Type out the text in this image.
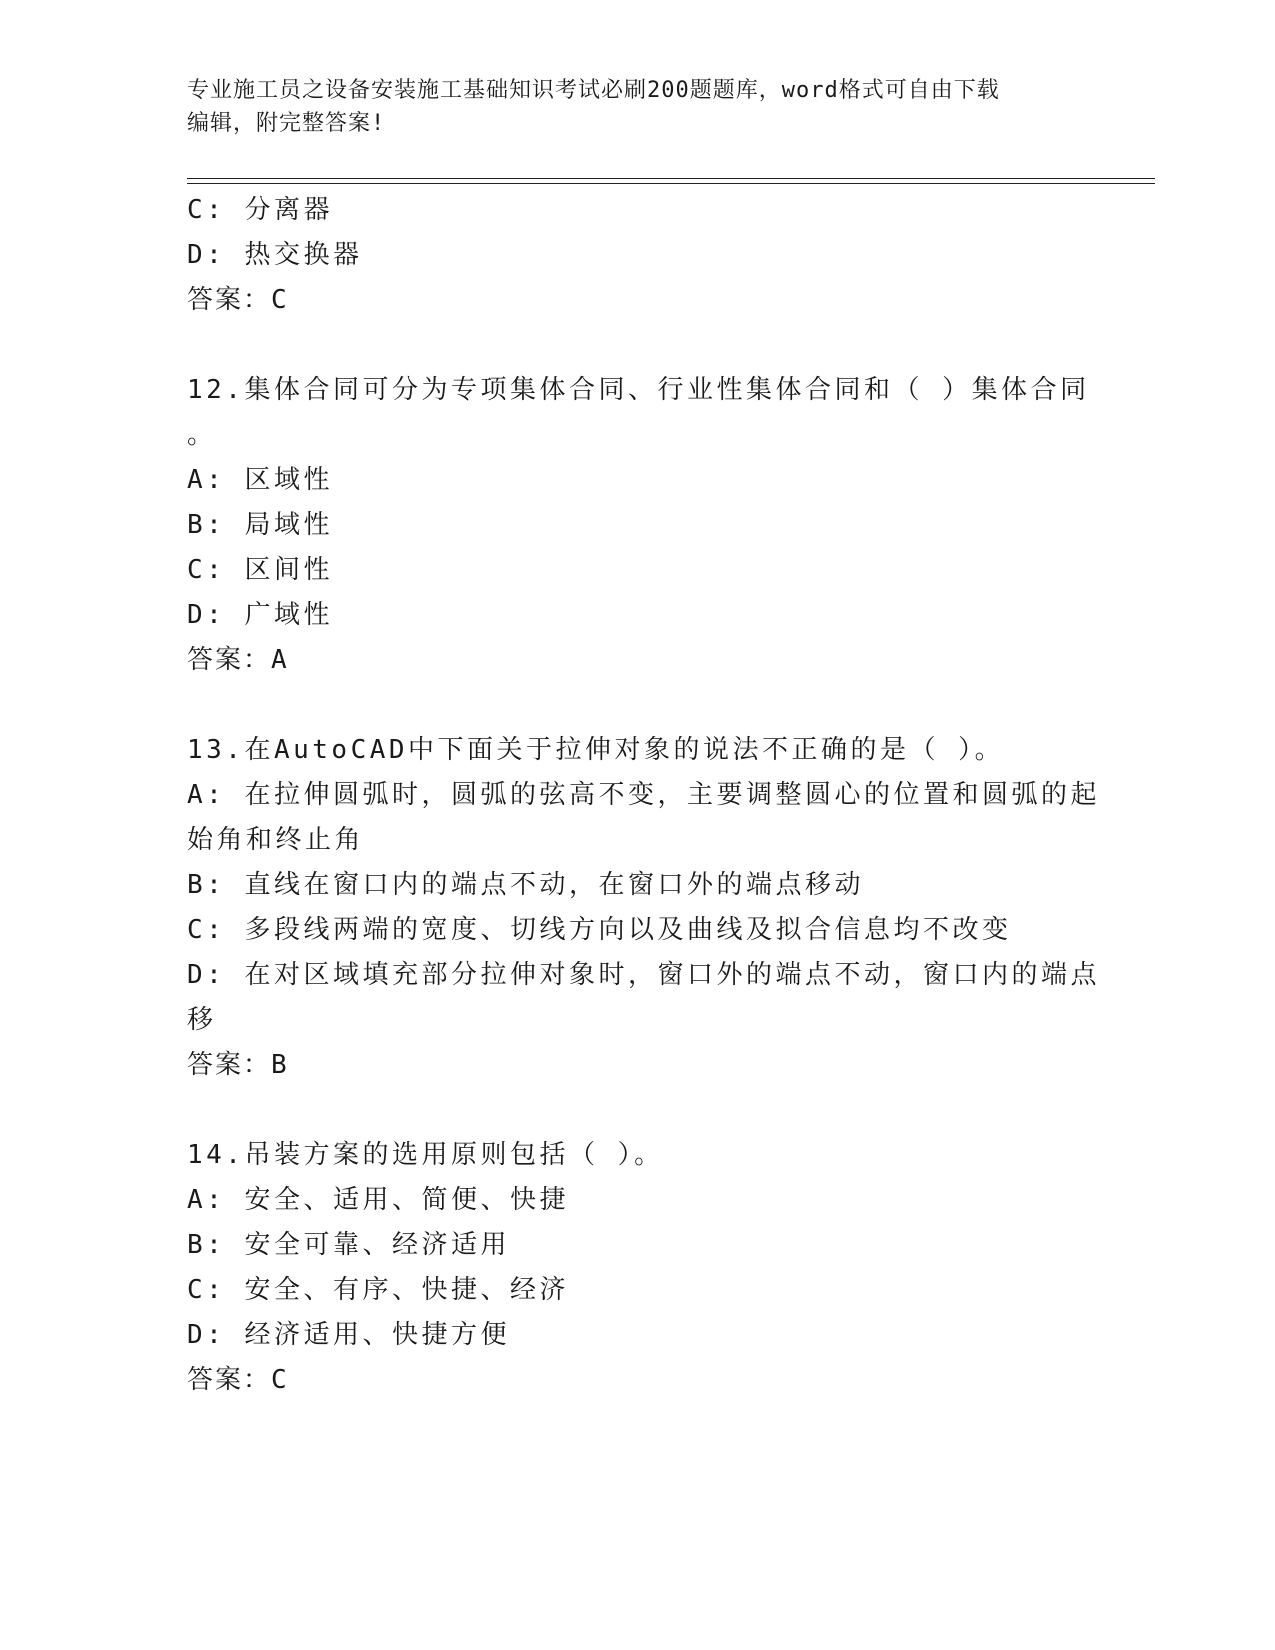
专业施工员之设备安装施工基础知识考试必刷200题题库，word格式可自由下载
编辑，附完整答案!
C: 分离器
D: 热交换器
答案：C
12.集体合同可分为专项集体合同、行业性集体合同和（ ）集体合同
。
A: 区域性
B: 局域性
C: 区间性
D: 广域性
答案：A
13.在AutoCAD中下面关于拉伸对象的说法不正确的是（ ）。
A: 在拉伸圆弧时，圆弧的弦高不变，主要调整圆心的位置和圆弧的起
始角和终止角
B: 直线在窗口内的端点不动，在窗口外的端点移动
C: 多段线两端的宽度、切线方向以及曲线及拟合信息均不改变
D: 在对区域填充部分拉伸对象时，窗口外的端点不动，窗口内的端点
移
答案：B
14.吊装方案的选用原则包括（ ）。
A: 安全、适用、简便、快捷
B: 安全可靠、经济适用
C: 安全、有序、快捷、经济
D: 经济适用、快捷方便
答案：C
